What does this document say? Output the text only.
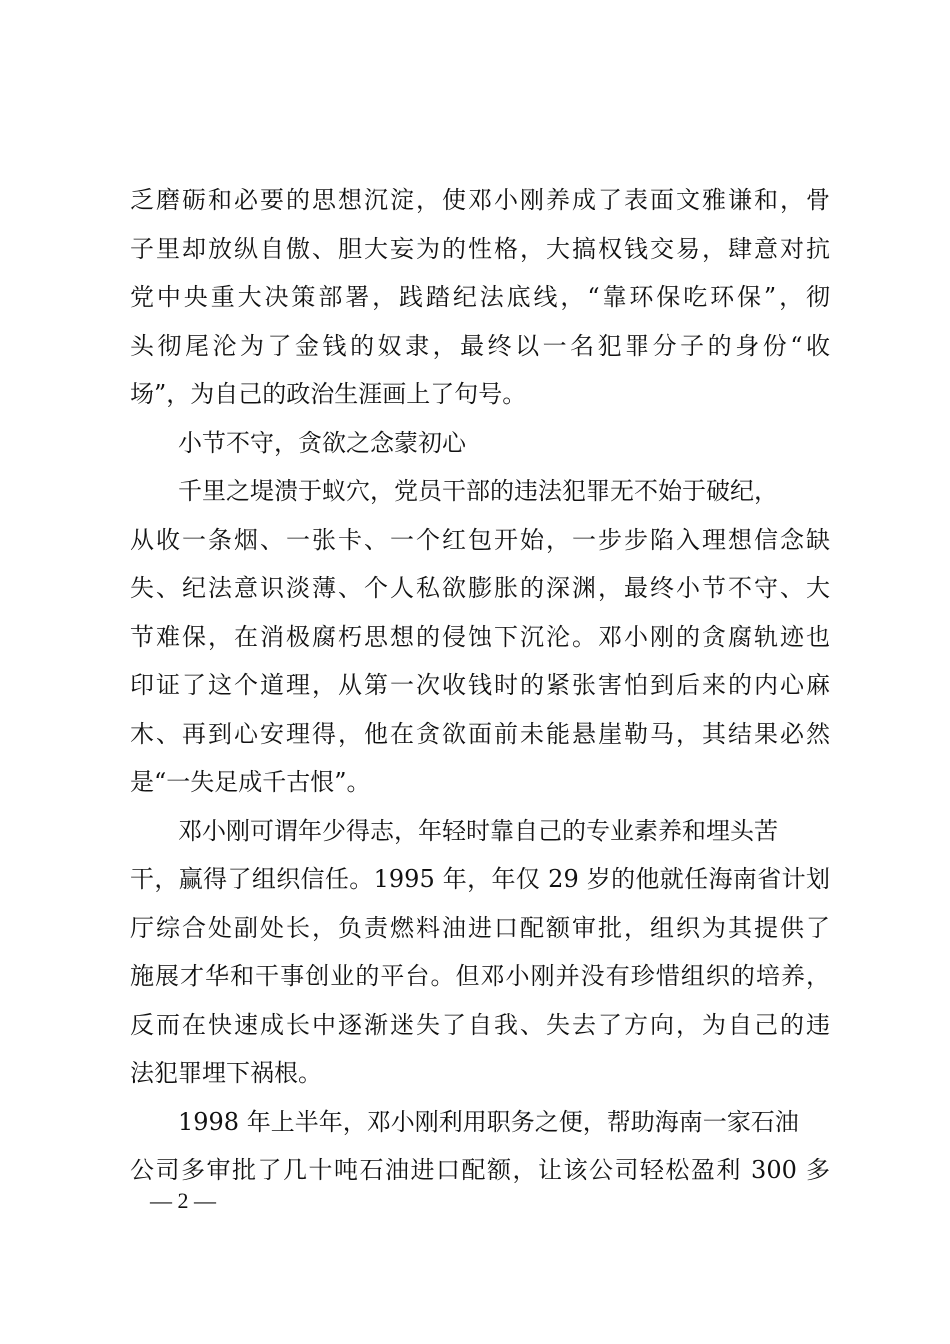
乏磨砺和必要的思想沉淀，使邓小刚养成了表面文雅谦和，骨
子里却放纵自傲、胆大妄为的性格，大搞权钱交易，肆意对抗
党中央重大决策部署，践踏纪法底线，“靠环保吃环保”，彻
头彻尾沦为了金钱的奴隶，最终以一名犯罪分子的身份“收
场”，为自己的政治生涯画上了句号。
小节不守，贪欲之念蒙初心
千里之堤溃于蚁穴，党员干部的违法犯罪无不始于破纪，
从收一条烟、一张卡、一个红包开始，一步步陷入理想信念缺
失、纪法意识淡薄、个人私欲膨胀的深渊，最终小节不守、大
节难保，在消极腐朽思想的侵蚀下沉沦。邓小刚的贪腐轨迹也
印证了这个道理，从第一次收钱时的紧张害怕到后来的内心麻
木、再到心安理得，他在贪欲面前未能悬崖勒马，其结果必然
是“一失足成千古恨”。
邓小刚可谓年少得志，年轻时靠自己的专业素养和埋头苦
干，赢得了组织信任。1995 年，年仅 29 岁的他就任海南省计划
厅综合处副处长，负责燃料油进口配额审批，组织为其提供了
施展才华和干事创业的平台。但邓小刚并没有珍惜组织的培养，
反而在快速成长中逐渐迷失了自我、失去了方向，为自己的违
法犯罪埋下祸根。
1998 年上半年，邓小刚利用职务之便，帮助海南一家石油
公司多审批了几十吨石油进口配额，让该公司轻松盈利 300 多
— 2 —
